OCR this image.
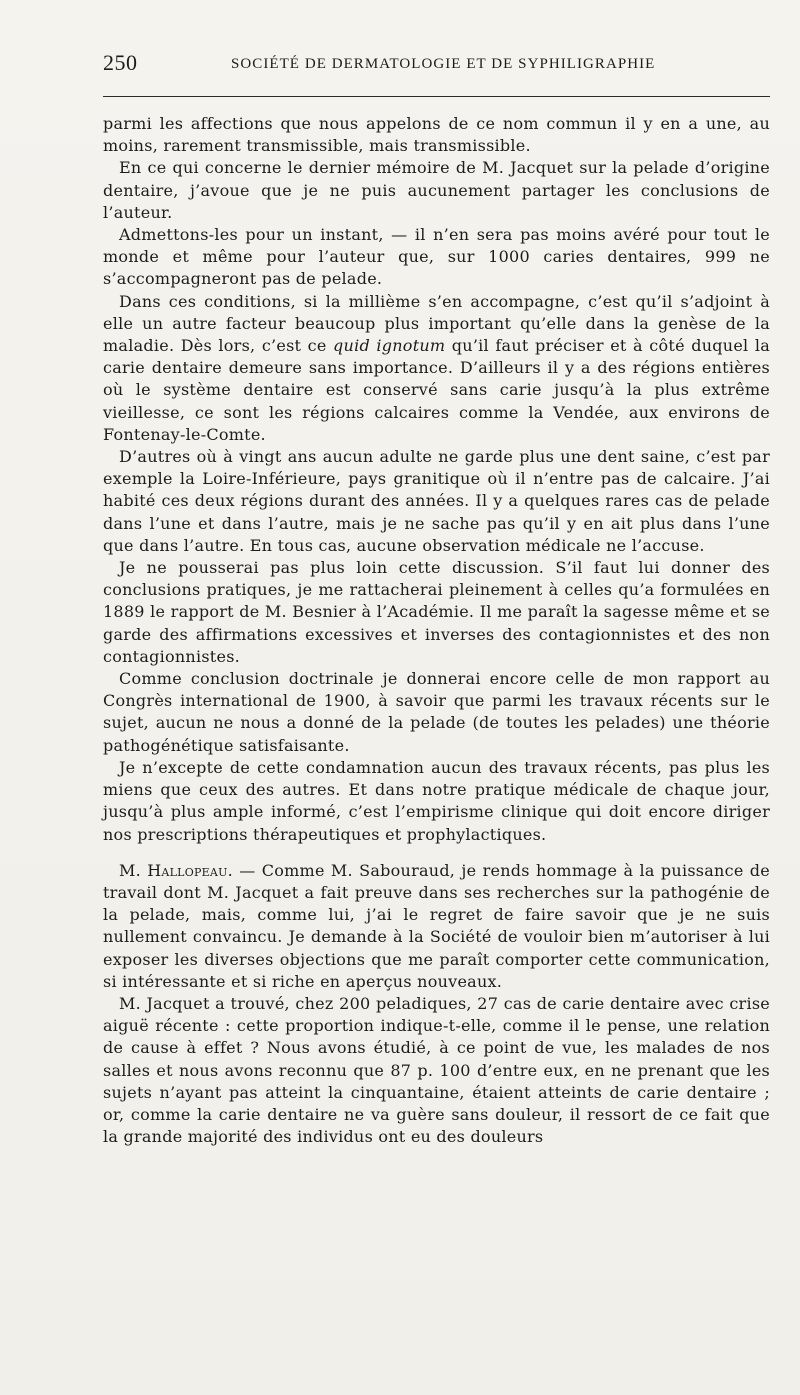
250	SOCIÉTÉ DE DERMATOLOGIE ET DE SYPHILIGRAPHIE

parmi les affections que nous appelons de ce nom commun il y en a une, au moins, rarement transmissible, mais transmissible.

En ce qui concerne le dernier mémoire de M. Jacquet sur la pelade d’origine dentaire, j’avoue que je ne puis aucunement partager les conclusions de l’auteur.

Admettons-les pour un instant, — il n’en sera pas moins avéré pour tout le monde et même pour l’auteur que, sur 1000 caries dentaires, 999 ne s’accompagneront pas de pelade.

Dans ces conditions, si la millième s’en accompagne, c’est qu’il s’adjoint à elle un autre facteur beaucoup plus important qu’elle dans la genèse de la maladie. Dès lors, c’est ce quid ignotum qu’il faut préciser et à côté duquel la carie dentaire demeure sans importance. D’ailleurs il y a des régions entières où le système dentaire est conservé sans carie jusqu’à la plus extrême vieillesse, ce sont les régions calcaires comme la Vendée, aux environs de Fontenay-le-Comte.

D’autres où à vingt ans aucun adulte ne garde plus une dent saine, c’est par exemple la Loire-Inférieure, pays granitique où il n’entre pas de calcaire. J’ai habité ces deux régions durant des années. Il y a quelques rares cas de pelade dans l’une et dans l’autre, mais je ne sache pas qu’il y en ait plus dans l’une que dans l’autre. En tous cas, aucune observation médicale ne l’accuse.

Je ne pousserai pas plus loin cette discussion. S’il faut lui donner des conclusions pratiques, je me rattacherai pleinement à celles qu’a formulées en 1889 le rapport de M. Besnier à l’Académie. Il me paraît la sagesse même et se garde des affirmations excessives et inverses des contagionnistes et des non contagionnistes.

Comme conclusion doctrinale je donnerai encore celle de mon rapport au Congrès international de 1900, à savoir que parmi les travaux récents sur le sujet, aucun ne nous a donné de la pelade (de toutes les pelades) une théorie pathogénétique satisfaisante.

Je n’excepte de cette condamnation aucun des travaux récents, pas plus les miens que ceux des autres. Et dans notre pratique médicale de chaque jour, jusqu’à plus ample informé, c’est l’empirisme clinique qui doit encore diriger nos prescriptions thérapeutiques et prophylactiques.

M. Hallopeau. — Comme M. Sabouraud, je rends hommage à la puissance de travail dont M. Jacquet a fait preuve dans ses recherches sur la pathogénie de la pelade, mais, comme lui, j’ai le regret de faire savoir que je ne suis nullement convaincu. Je demande à la Société de vouloir bien m’autoriser à lui exposer les diverses objections que me paraît comporter cette communication, si intéressante et si riche en aperçus nouveaux.

M. Jacquet a trouvé, chez 200 peladiques, 27 cas de carie dentaire avec crise aiguë récente : cette proportion indique-t-elle, comme il le pense, une relation de cause à effet ? Nous avons étudié, à ce point de vue, les malades de nos salles et nous avons reconnu que 87 p. 100 d’entre eux, en ne prenant que les sujets n’ayant pas atteint la cinquantaine, étaient atteints de carie dentaire ; or, comme la carie dentaire ne va guère sans douleur, il ressort de ce fait que la grande majorité des individus ont eu des douleurs
